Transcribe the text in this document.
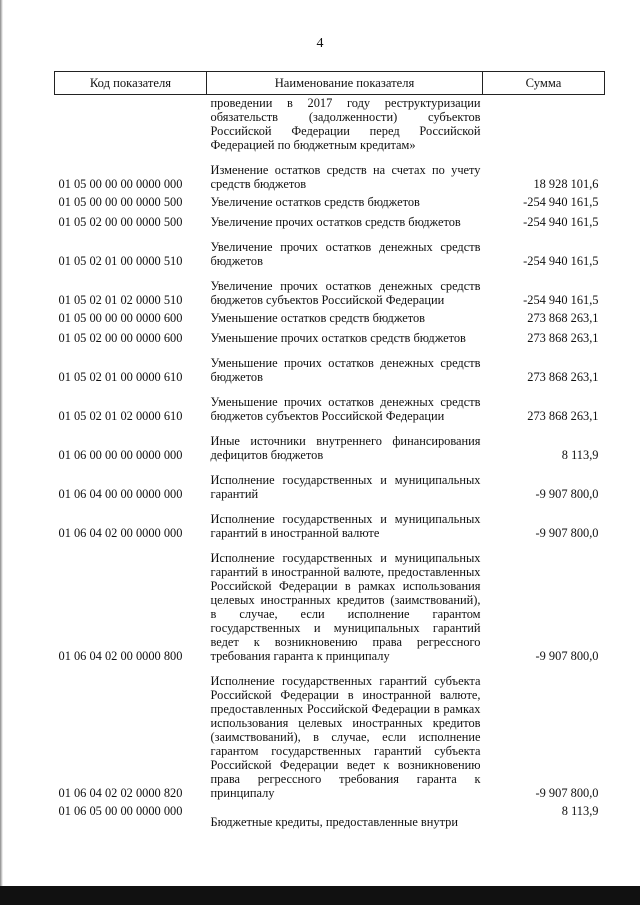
4
Код показателя	Наименование показателя	Сумма
	проведении в 2017 году реструктуризации обязательств (задолженности) субъектов Российской Федерации перед Российской Федерацией по бюджетным кредитам»	
01 05 00 00 00 0000 000	Изменение остатков средств на счетах по учету средств бюджетов	18 928 101,6
01 05 00 00 00 0000 500	Увеличение остатков средств бюджетов	-254 940 161,5
01 05 02 00 00 0000 500	Увеличение прочих остатков средств бюджетов	-254 940 161,5
01 05 02 01 00 0000 510	Увеличение прочих остатков денежных средств бюджетов	-254 940 161,5
01 05 02 01 02 0000 510	Увеличение прочих остатков денежных средств бюджетов субъектов Российской Федерации	-254 940 161,5
01 05 00 00 00 0000 600	Уменьшение остатков средств бюджетов	273 868 263,1
01 05 02 00 00 0000 600	Уменьшение прочих остатков средств бюджетов	273 868 263,1
01 05 02 01 00 0000 610	Уменьшение прочих остатков денежных средств бюджетов	273 868 263,1
01 05 02 01 02 0000 610	Уменьшение прочих остатков денежных средств бюджетов субъектов Российской Федерации	273 868 263,1
01 06 00 00 00 0000 000	Иные источники внутреннего финансирования дефицитов бюджетов	8 113,9
01 06 04 00 00 0000 000	Исполнение государственных и муниципальных гарантий	-9 907 800,0
01 06 04 02 00 0000 000	Исполнение государственных и муниципальных гарантий в иностранной валюте	-9 907 800,0
01 06 04 02 00 0000 800	Исполнение государственных и муниципальных гарантий в иностранной валюте, предоставленных Российской Федерации в рамках использования целевых иностранных кредитов (заимствований), в случае, если исполнение гарантом государственных и муниципальных гарантий ведет к возникновению права регрессного требования гаранта к принципалу	-9 907 800,0
01 06 04 02 02 0000 820	Исполнение государственных гарантий субъекта Российской Федерации в иностранной валюте, предоставленных Российской Федерации в рамках использования целевых иностранных кредитов (заимствований), в случае, если исполнение гарантом государственных гарантий субъекта Российской Федерации ведет к возникновению права регрессного требования гаранта к принципалу	-9 907 800,0
01 06 05 00 00 0000 000	Бюджетные кредиты, предоставленные внутри	8 113,9
